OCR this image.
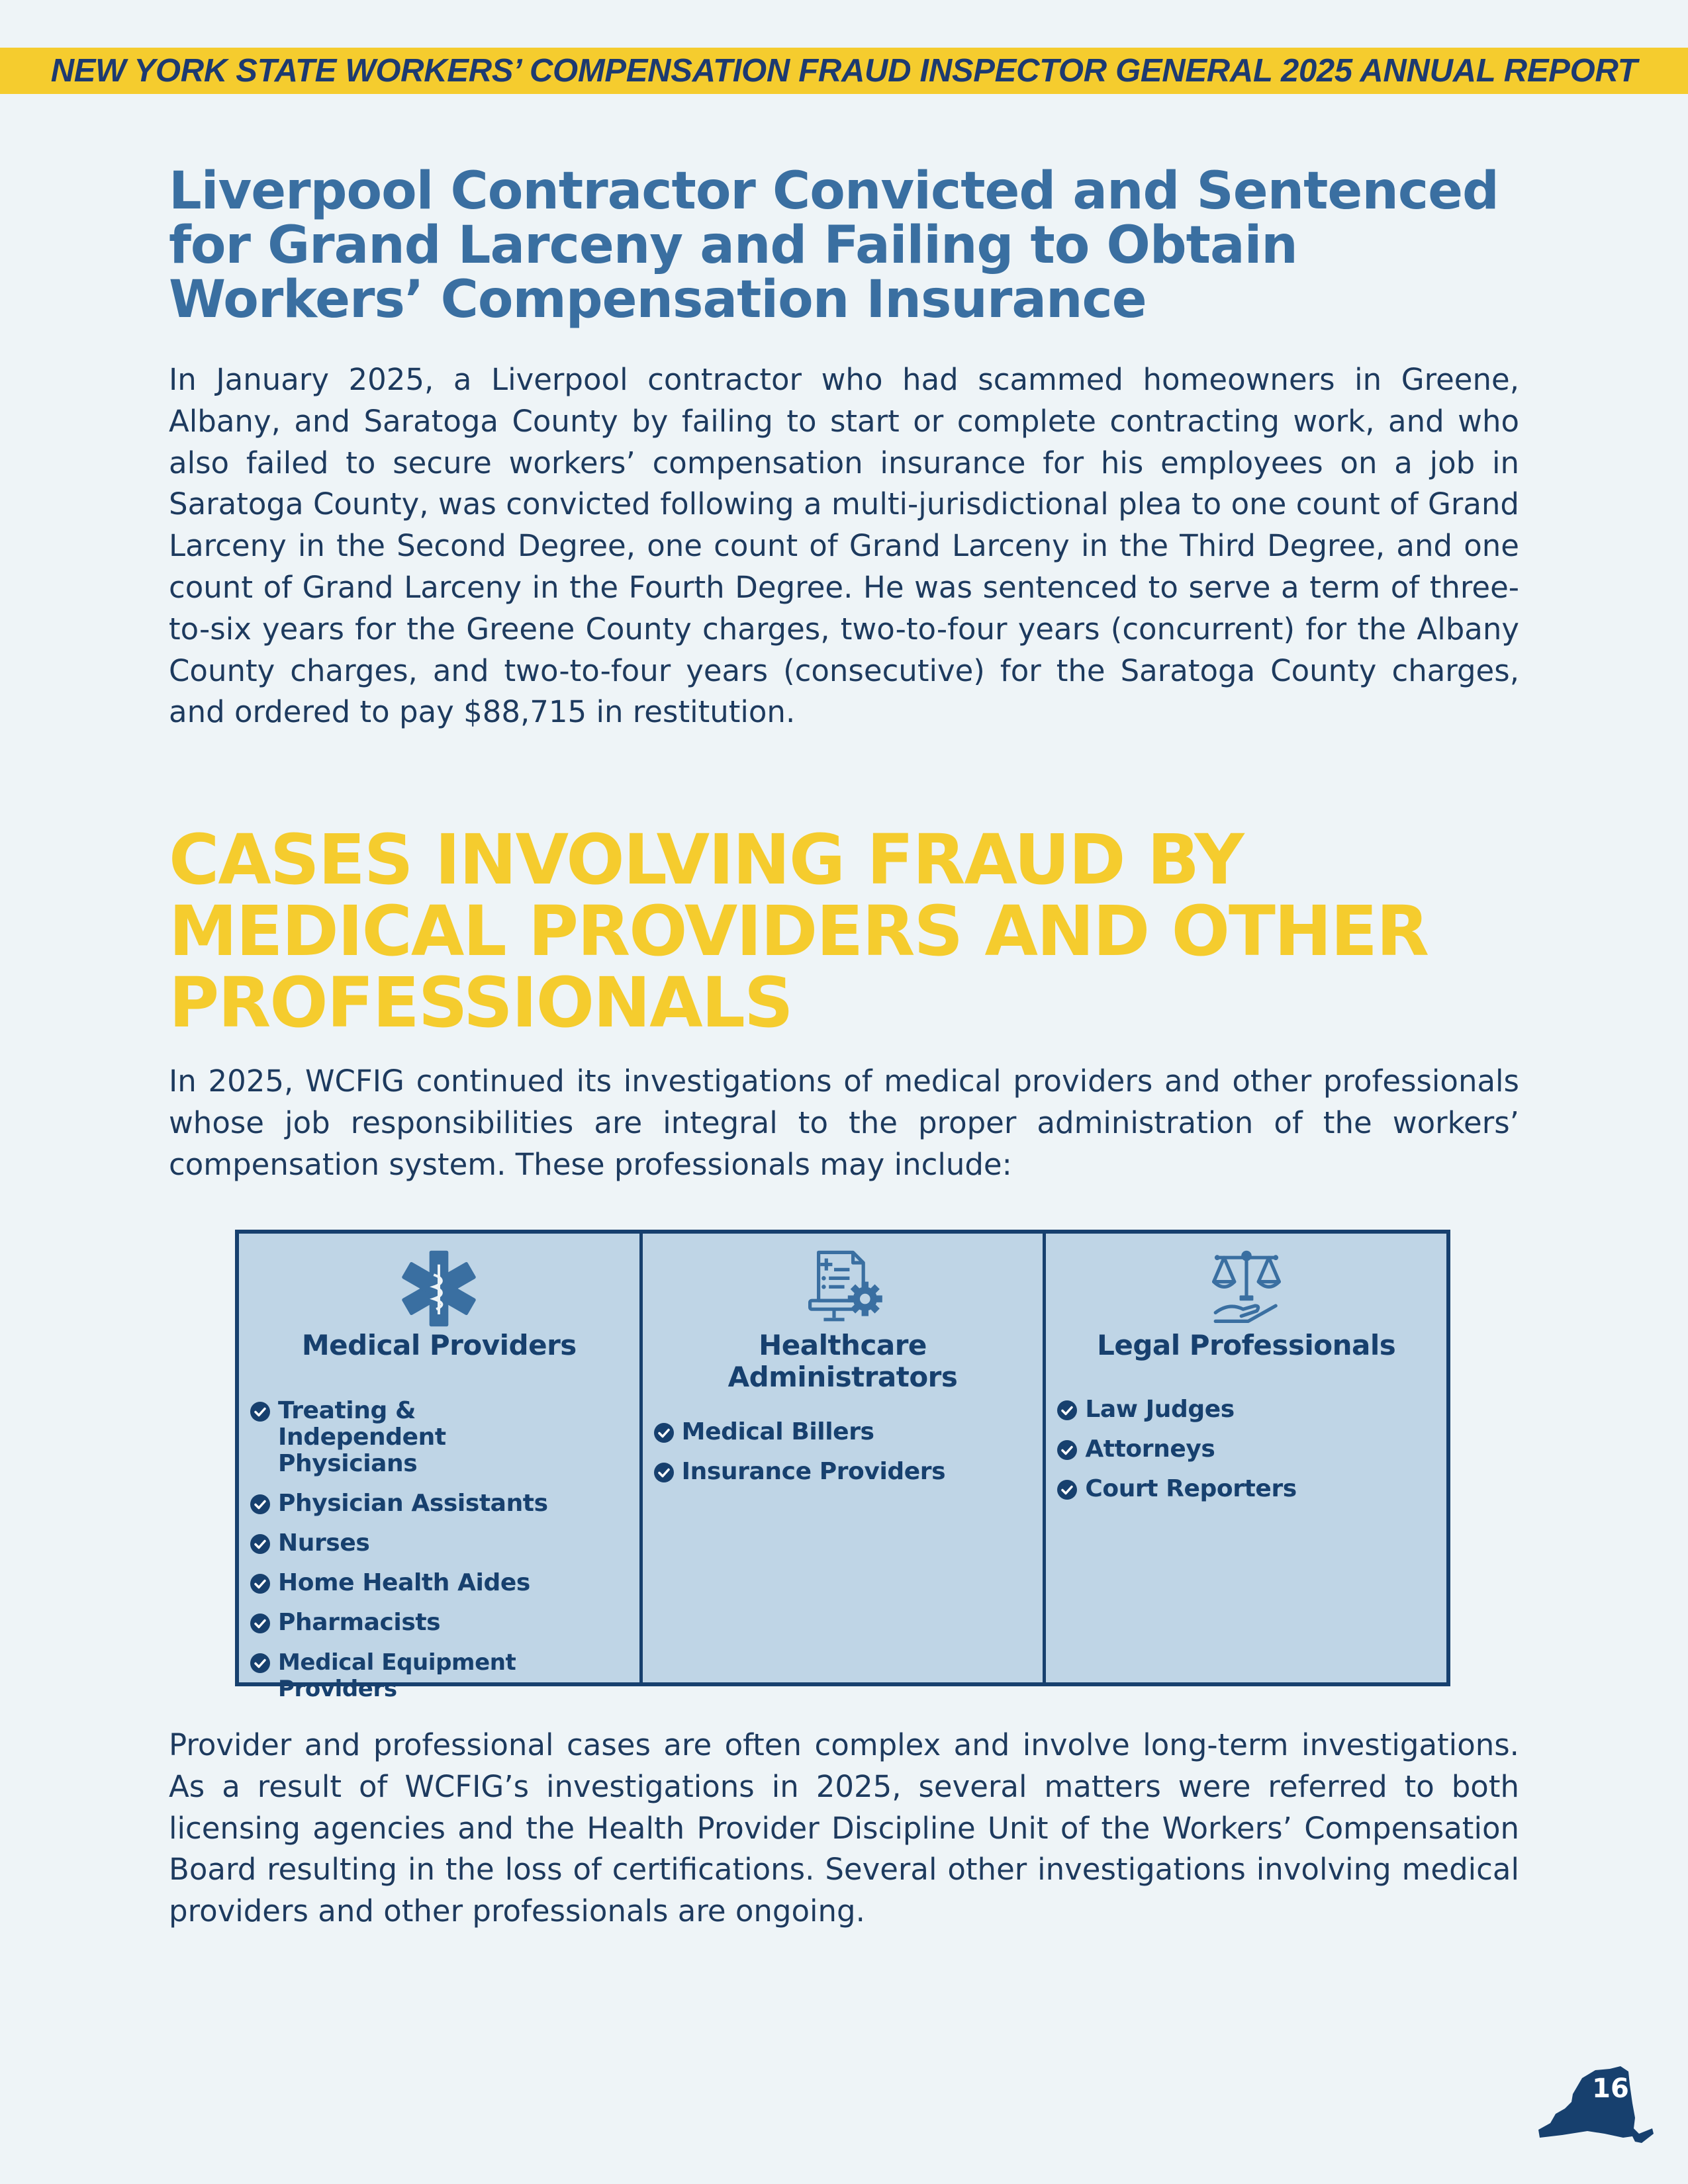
NEW YORK STATE WORKERS’ COMPENSATION FRAUD INSPECTOR GENERAL 2025 ANNUAL REPORT
Liverpool Contractor Convicted and Sentenced for Grand Larceny and Failing to Obtain Workers’ Compensation Insurance

In January 2025, a Liverpool contractor who had scammed homeowners in Greene, Albany, and Saratoga County by failing to start or complete contracting work, and who also failed to secure workers’ compensation insurance for his employees on a job in Saratoga County, was convicted following a multi-jurisdictional plea to one count of Grand Larceny in the Second Degree, one count of Grand Larceny in the Third Degree, and one count of Grand Larceny in the Fourth Degree. He was sentenced to serve a term of three-to-six years for the Greene County charges, two-to-four years (concurrent) for the Albany County charges, and two-to-four years (consecutive) for the Saratoga County charges, and ordered to pay $88,715 in restitution.

CASES INVOLVING FRAUD BY MEDICAL PROVIDERS AND OTHER PROFESSIONALS

In 2025, WCFIG continued its investigations of medical providers and other professionals whose job responsibilities are integral to the proper administration of the workers’ compensation system. These professionals may include:

Medical Providers
Treating & Independent Physicians
Physician Assistants
Nurses
Home Health Aides
Pharmacists
Medical Equipment Providers
Healthcare Administrators
Medical Billers
Insurance Providers
Legal Professionals
Law Judges
Attorneys
Court Reporters

Provider and professional cases are often complex and involve long-term investigations. As a result of WCFIG’s investigations in 2025, several matters were referred to both licensing agencies and the Health Provider Discipline Unit of the Workers’ Compensation Board resulting in the loss of certifications. Several other investigations involving medical providers and other professionals are ongoing.

16
